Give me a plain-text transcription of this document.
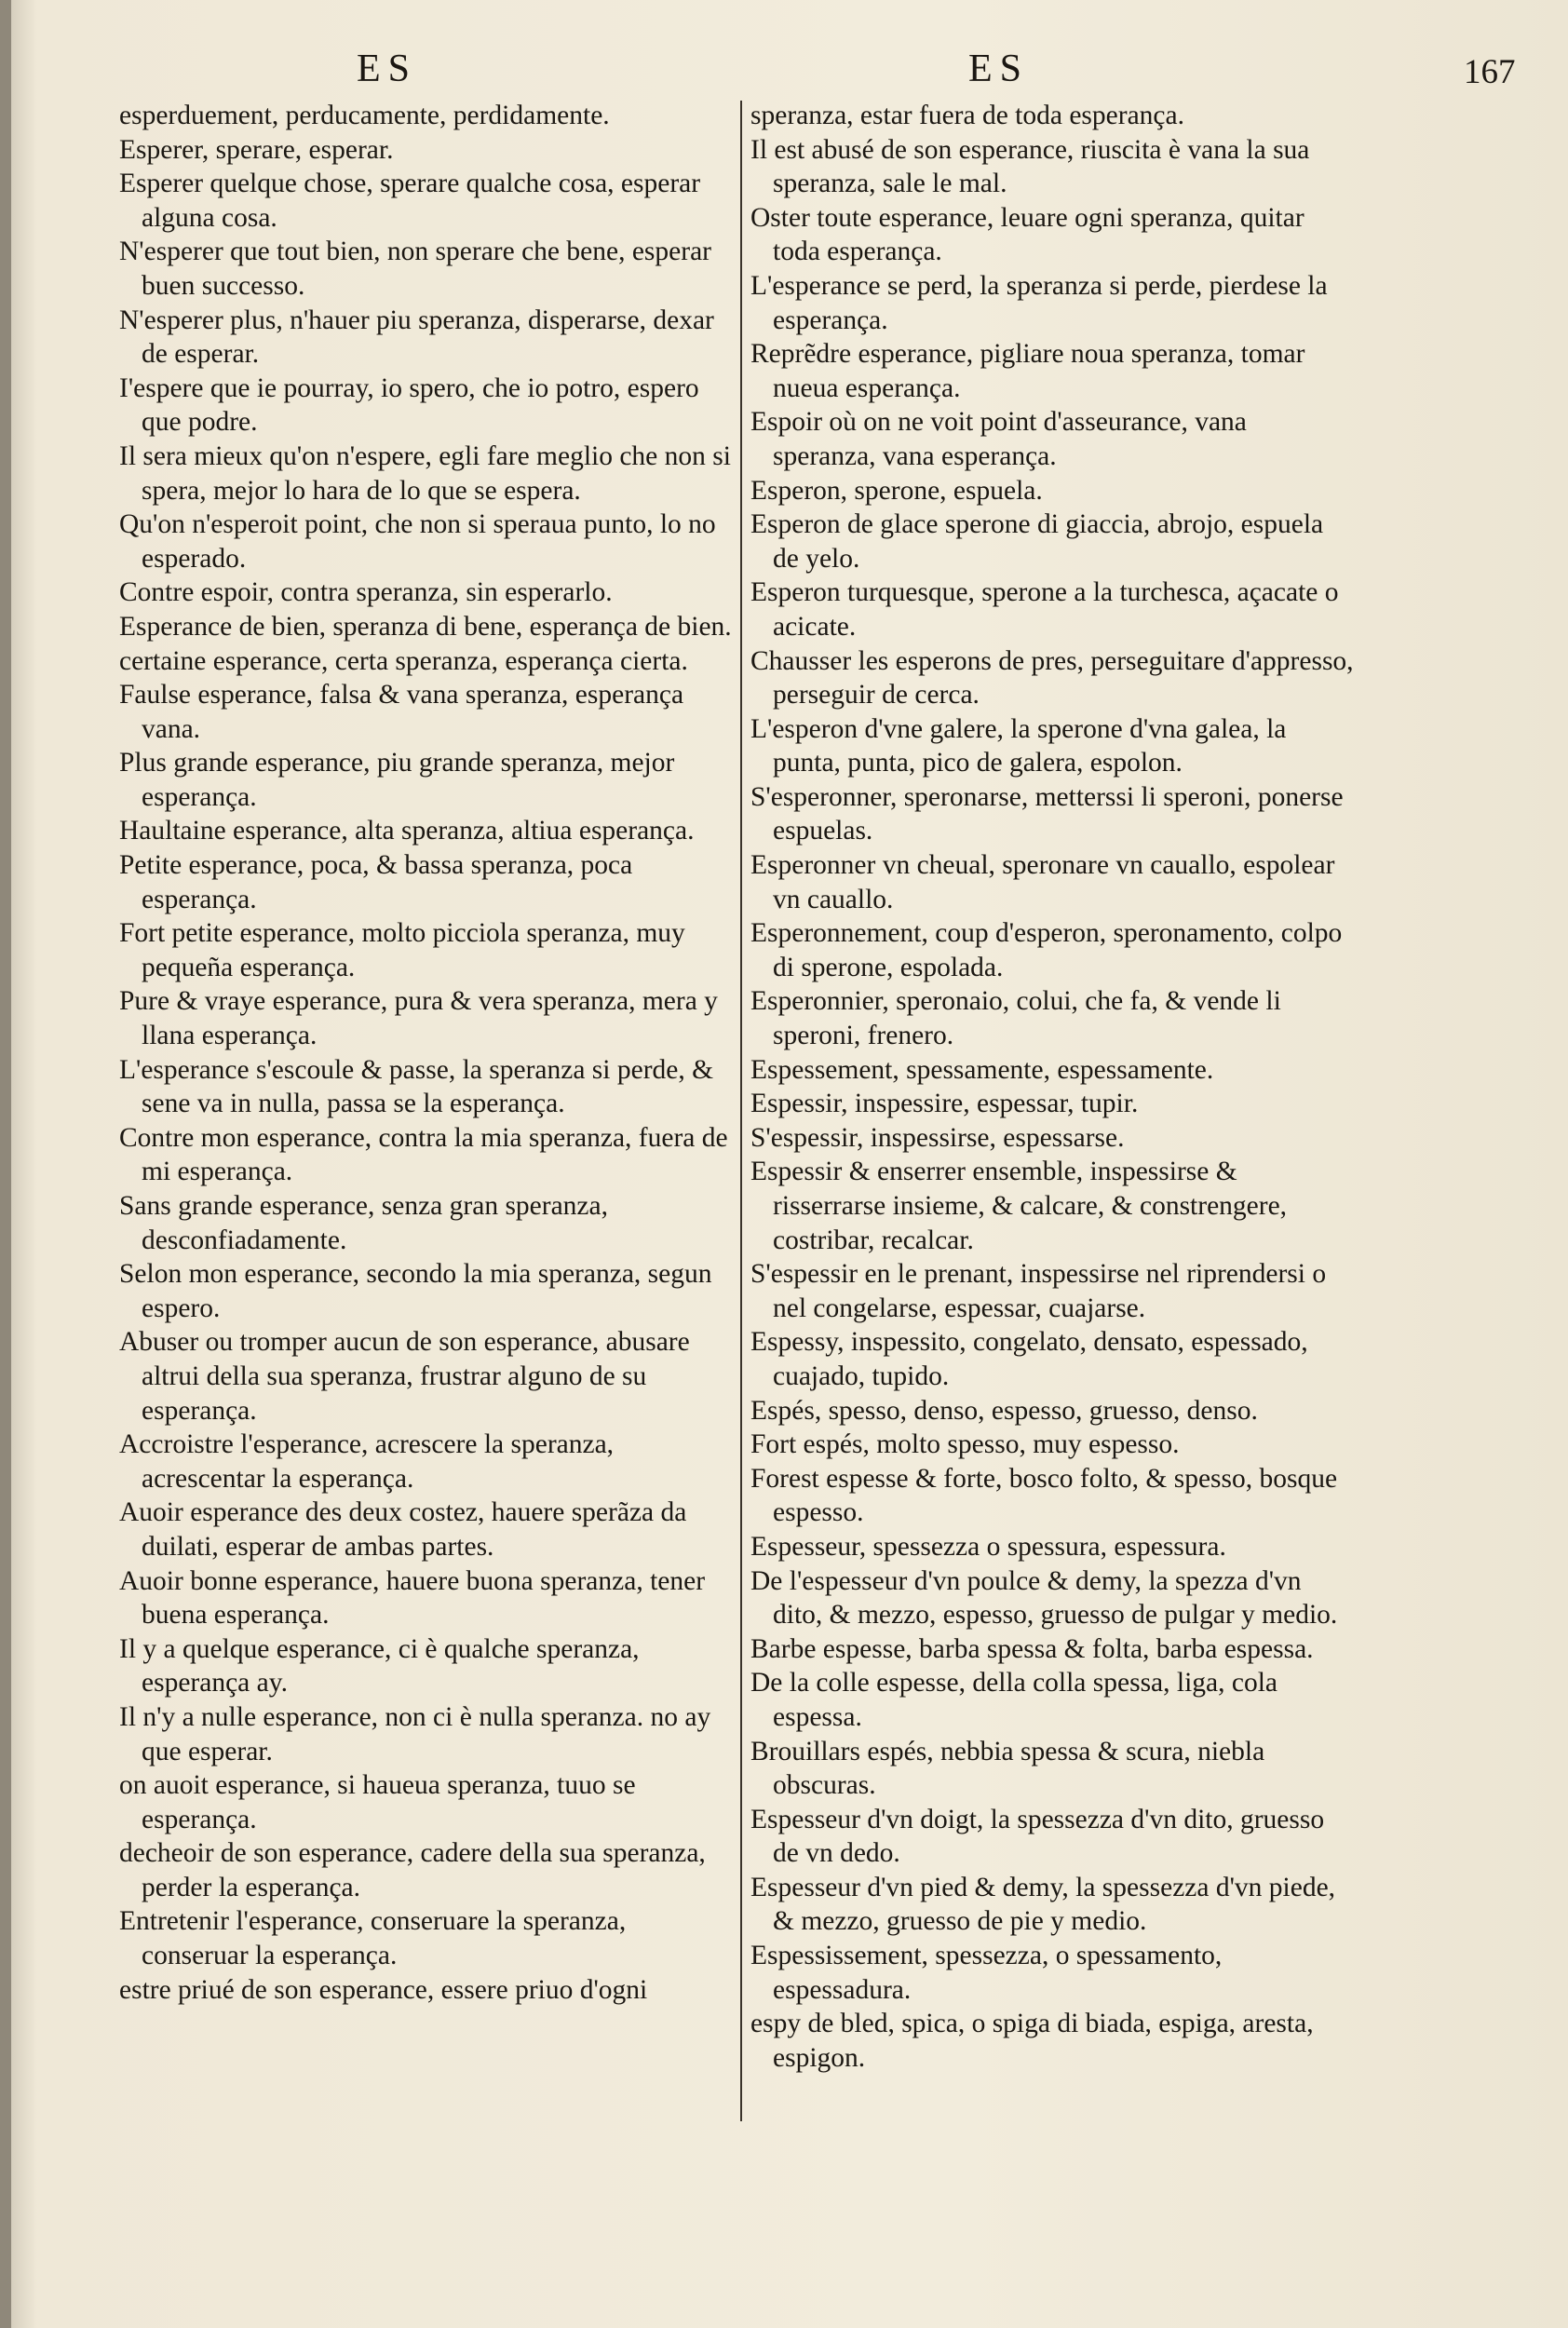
ES	ES	167

esperduement, perducamente, perdidamente.

Esperer, sperare, esperar.

Esperer quelque chose, sperare qualche cosa, esperar alguna cosa.

N'esperer que tout bien, non sperare che bene, esperar buen successo.

N'esperer plus, n'hauer piu speranza, disperarse, dexar de esperar.

I'espere que ie pourray, io spero, che io potro, espero que podre.

Il sera mieux qu'on n'espere, egli fare meglio che non si spera, mejor lo hara de lo que se espera.

Qu'on n'esperoit point, che non si speraua punto, lo no esperado.

Contre espoir, contra speranza, sin esperarlo.

Esperance de bien, speranza di bene, esperança de bien.

certaine esperance, certa speranza, esperança cierta.

Faulse esperance, falsa & vana speranza, esperança vana.

Plus grande esperance, piu grande speranza, mejor esperança.

Haultaine esperance, alta speranza, altiua esperança.

Petite esperance, poca, & bassa speranza, poca esperança.

Fort petite esperance, molto picciola speranza, muy pequeña esperança.

Pure & vraye esperance, pura & vera speranza, mera y llana esperança.

L'esperance s'escoule & passe, la speranza si perde, & sene va in nulla, passa se la esperança.

Contre mon esperance, contra la mia speranza, fuera de mi esperança.

Sans grande esperance, senza gran speranza, desconfiadamente.

Selon mon esperance, secondo la mia speranza, segun espero.

Abuser ou tromper aucun de son esperance, abusare altrui della sua speranza, frustrar alguno de su esperança.

Accroistre l'esperance, acrescere la speranza, acrescentar la esperança.

Auoir esperance des deux costez, hauere sperãza da duilati, esperar de ambas partes.

Auoir bonne esperance, hauere buona speranza, tener buena esperança.

Il y a quelque esperance, ci è qualche speranza, esperança ay.

Il n'y a nulle esperance, non ci è nulla speranza. no ay que esperar.

on auoit esperance, si haueua speranza, tuuo se esperança.

decheoir de son esperance, cadere della sua speranza, perder la esperança.

Entretenir l'esperance, conseruare la speranza, conseruar la esperança.

estre priué de son esperance, essere priuo d'ogni

speranza, estar fuera de toda esperança.

Il est abusé de son esperance, riuscita è vana la sua speranza, sale le mal.

Oster toute esperance, leuare ogni speranza, quitar toda esperança.

L'esperance se perd, la speranza si perde, pierdese la esperança.

Reprẽdre esperance, pigliare noua speranza, tomar nueua esperança.

Espoir où on ne voit point d'asseurance, vana speranza, vana esperança.

Esperon, sperone, espuela.

Esperon de glace sperone di giaccia, abrojo, espuela de yelo.

Esperon turquesque, sperone a la turchesca, açacate o acicate.

Chausser les esperons de pres, perseguitare d'appresso, perseguir de cerca.

L'esperon d'vne galere, la sperone d'vna galea, la punta, punta, pico de galera, espolon.

S'esperonner, speronarse, metterssi li speroni, ponerse espuelas.

Esperonner vn cheual, speronare vn cauallo, espolear vn cauallo.

Esperonnement, coup d'esperon, speronamento, colpo di sperone, espolada.

Esperonnier, speronaio, colui, che fa, & vende li speroni, frenero.

Espessement, spessamente, espessamente.

Espessir, inspessire, espessar, tupir.

S'espessir, inspessirse, espessarse.

Espessir & enserrer ensemble, inspessirse & risserrarse insieme, & calcare, & constrengere, costribar, recalcar.

S'espessir en le prenant, inspessirse nel riprendersi o nel congelarse, espessar, cuajarse.

Espessy, inspessito, congelato, densato, espessado, cuajado, tupido.

Espés, spesso, denso, espesso, gruesso, denso.

Fort espés, molto spesso, muy espesso.

Forest espesse & forte, bosco folto, & spesso, bosque espesso.

Espesseur, spessezza o spessura, espessura.

De l'espesseur d'vn poulce & demy, la spezza d'vn dito, & mezzo, espesso, gruesso de pulgar y medio.

Barbe espesse, barba spessa & folta, barba espessa.

De la colle espesse, della colla spessa, liga, cola espessa.

Brouillars espés, nebbia spessa & scura, niebla obscuras.

Espesseur d'vn doigt, la spessezza d'vn dito, gruesso de vn dedo.

Espesseur d'vn pied & demy, la spessezza d'vn piede, & mezzo, gruesso de pie y medio.

Espessissement, spessezza, o spessamento, espessadura.

espy de bled, spica, o spiga di biada, espiga, aresta, espigon.
